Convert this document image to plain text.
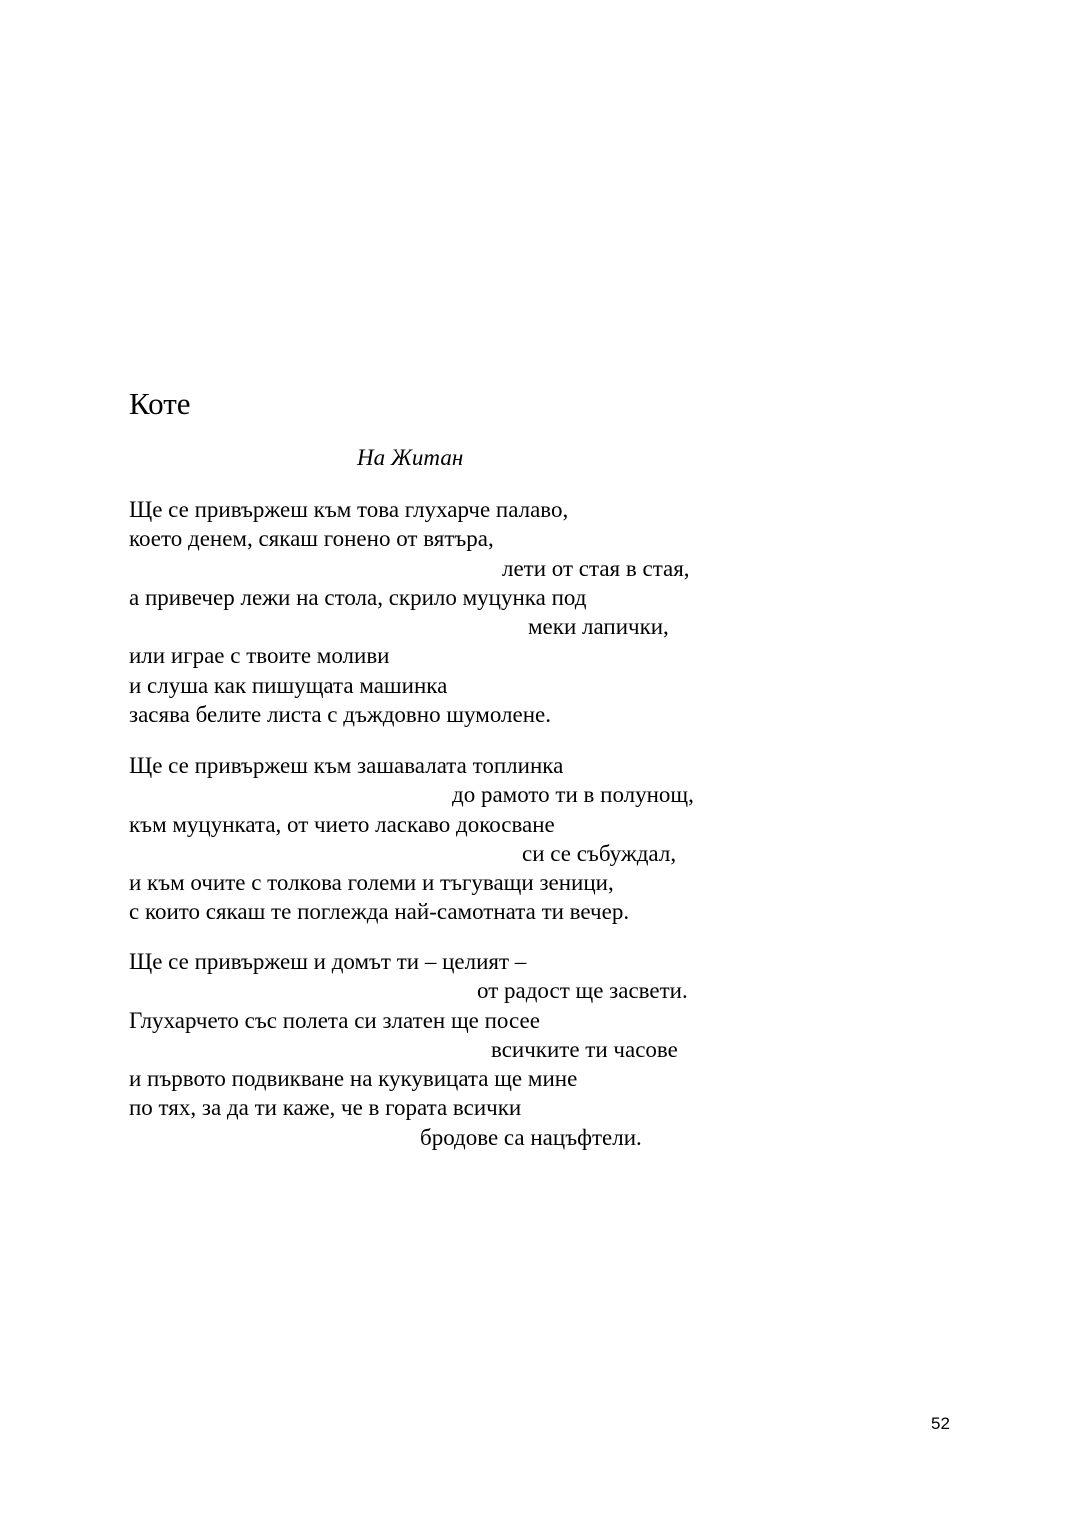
Коте
На Житан
Ще се привържеш към това глухарче палаво,
което денем, сякаш гонено от вятъра,
лети от стая в стая,
а привечер лежи на стола, скрило муцунка под
меки лапички,
или играе с твоите моливи
и слуша как пишущата машинка
засява белите листа с дъждовно шумолене.
Ще се привържеш към зашавалата топлинка
до рамото ти в полунощ,
към муцунката, от чието ласкаво докосване
си се събуждал,
и към очите с толкова големи и тъгуващи зеници,
с които сякаш те поглежда най-самотната ти вечер.
Ще се привържеш и домът ти – целият –
от радост ще засвети.
Глухарчето със полета си златен ще посее
всичките ти часове
и първото подвикване на кукувицата ще мине
по тях, за да ти каже, че в гората всички
бродове са нацъфтели.
52
